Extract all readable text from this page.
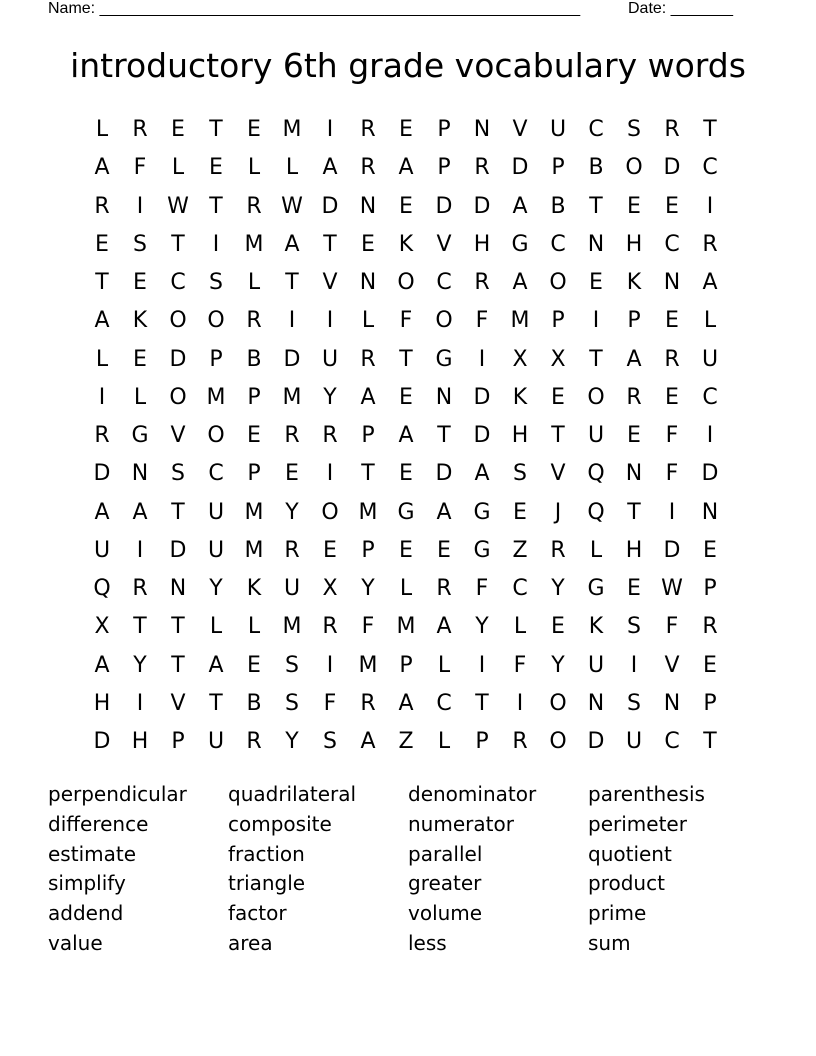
Name: ______________________________________________________	Date: _______
introductory 6th grade vocabulary words
L	R	E	T	E M	I	R	E	P	N	V	U	C	S	R	T
A	F	L	E	L	L	A	R	A	P	R D	P	B O D C
R	I	W T	R W D N	E	D D	A	B	T	E	E	I
E	S	T	I	M A	T	E	K	V	H G C	N H	C	R
T	E	C	S	L	T	V	N O C	R	A O	E	K	N	A
A	K	O O R	I	I	L	F	O	F	M P	I	P	E	L
L	E	D	P	B D U	R	T	G	I	X	X	T	A	R	U
I	L	O M P M Y	A	E	N D	K	E	O R	E	C
R G V O	E	R	R	P	A	T	D H	T	U	E	F	I
D N	S	C	P	E	I	T	E	D	A	S	V Q N	F	D
A	A	T	U M Y	O M G A G	E	J	Q	T	I	N
U	I	D U M R	E	P	E	E	G Z	R	L	H D	E
Q R	N	Y	K	U	X	Y	L	R	F	C	Y	G	E W P
X	T	T	L	L	M R	F	M A	Y	L	E	K	S	F	R
A	Y	T	A	E	S	I	M P	L	I	F	Y	U	I	V	E
H	I	V	T	B	S	F	R	A	C	T	I	O N	S	N	P
D H	P	U	R	Y	S	A	Z	L	P	R O D U	C	T
perpendicular	quadrilateral	denominator	parenthesis
difference	composite	numerator	perimeter
estimate	fraction	parallel	quotient
simplify	triangle	greater	product
addend	factor	volume	prime
value	area	less	sum
